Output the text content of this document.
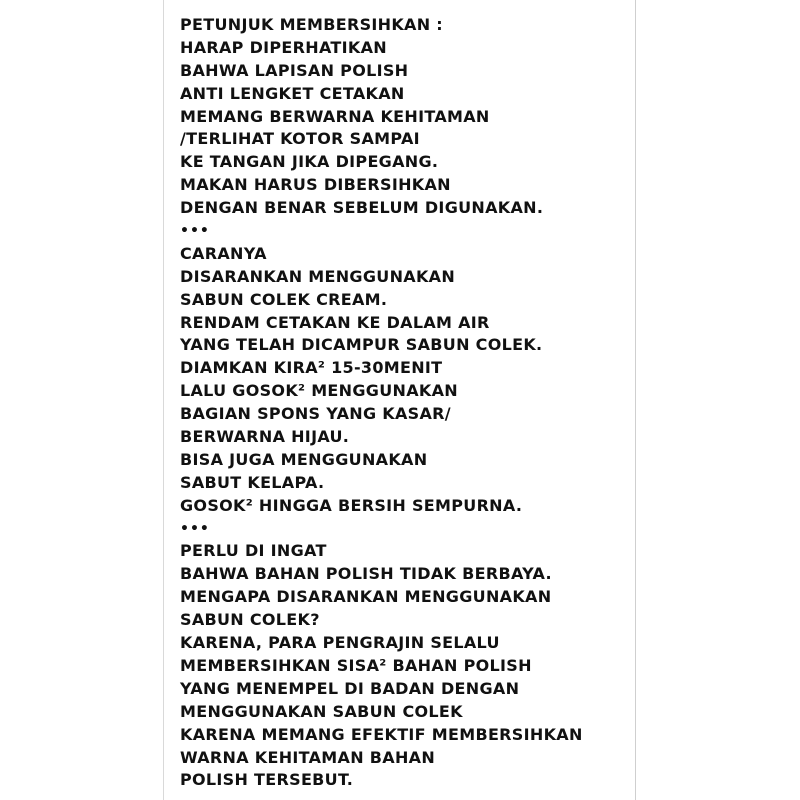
PETUNJUK MEMBERSIHKAN :
HARAP DIPERHATIKAN
BAHWA LAPISAN POLISH
ANTI LENGKET CETAKAN
MEMANG BERWARNA KEHITAMAN
/TERLIHAT KOTOR SAMPAI
KE TANGAN JIKA DIPEGANG.
MAKAN HARUS DIBERSIHKAN
DENGAN BENAR SEBELUM DIGUNAKAN.
•••
CARANYA
DISARANKAN MENGGUNAKAN
SABUN COLEK CREAM.
RENDAM CETAKAN KE DALAM AIR
YANG TELAH DICAMPUR SABUN COLEK.
DIAMKAN KIRA² 15-30MENIT
LALU GOSOK² MENGGUNAKAN
BAGIAN SPONS YANG KASAR/
BERWARNA HIJAU.
BISA JUGA MENGGUNAKAN
SABUT KELAPA.
GOSOK² HINGGA BERSIH SEMPURNA.
•••
PERLU DI INGAT
BAHWA BAHAN POLISH TIDAK BERBAYA.
MENGAPA DISARANKAN MENGGUNAKAN
SABUN COLEK?
KARENA, PARA PENGRAJIN SELALU
MEMBERSIHKAN SISA² BAHAN POLISH
YANG MENEMPEL DI BADAN DENGAN
MENGGUNAKAN SABUN COLEK
KARENA MEMANG EFEKTIF MEMBERSIHKAN
WARNA KEHITAMAN BAHAN
POLISH TERSEBUT.
